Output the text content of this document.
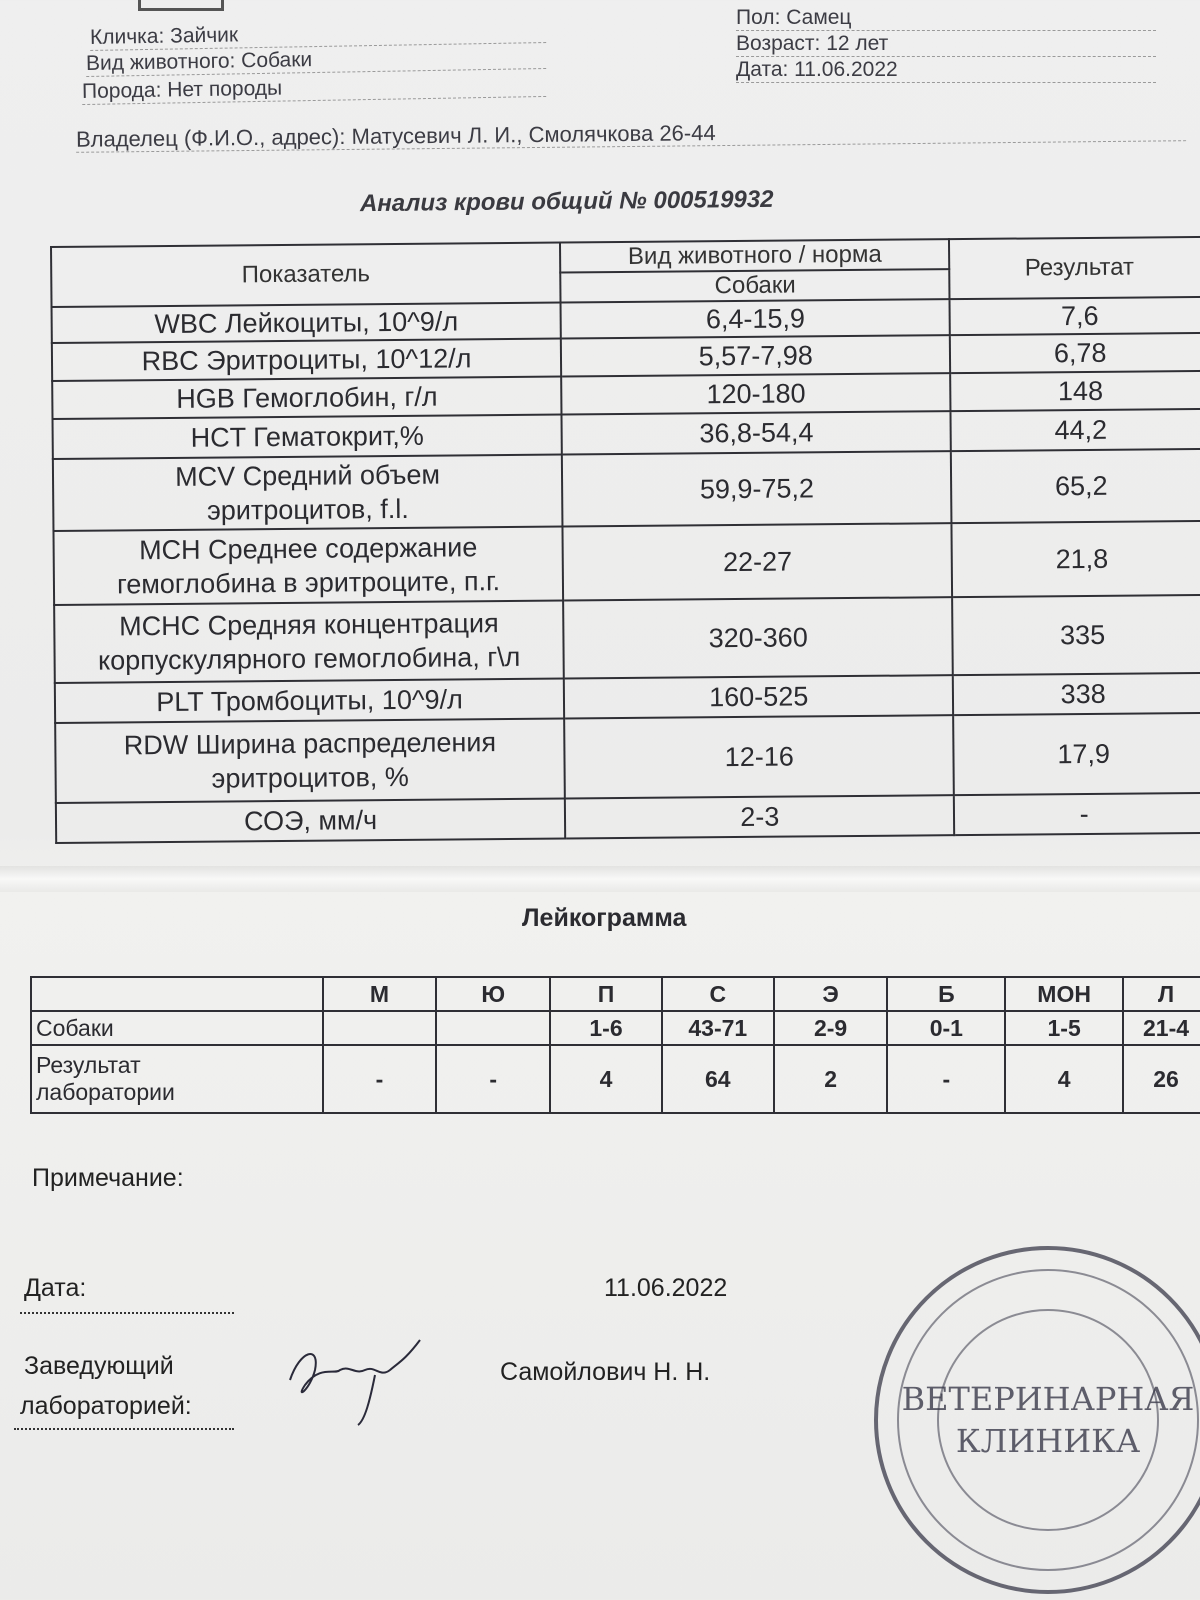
Кличка: Зайчик
Вид животного: Собаки
Порода: Нет породы
Пол: Самец
Возраст: 12 лет
Дата: 11.06.2022
Владелец (Ф.И.О., адрес): Матусевич Л. И., Смолячкова 26-44
Анализ крови общий № 000519932
Показатель	Вид животного / норма	Результат
	Собаки	
WBC Лейкоциты, 10^9/л	6,4-15,9	7,6
RBC Эритроциты, 10^12/л	5,57-7,98	6,78
HGB Гемоглобин, г/л	120-180	148
HCT Гематокрит,%	36,8-54,4	44,2

MCV Средний объем
эритроцитов, f.l.	59,9-75,2	65,2

MCH Среднее содержание
гемоглобина в эритроците, п.г.	22-27	21,8

MCHC Средняя концентрация
корпускулярного гемоглобина, г\л	320-360	335
PLT Тромбоциты, 10^9/л	160-525	338

RDW Ширина распределения
эритроцитов, %	12-16	17,9
СОЭ, мм/ч	2-3	-
Лейкограмма
	М	Ю	П	С	Э	Б	МОН	Л
Собаки			1-6	43-71	2-9	0-1	1-5	21-4

Результат
лаборатории	-	-	4	64	2	-	4	26
Примечание:
Дата:	11.06.2022
Заведующий
лабораторией:
Самойлович Н. Н.
ВЕТЕРИНАРНАЯ
КЛИНИКА
